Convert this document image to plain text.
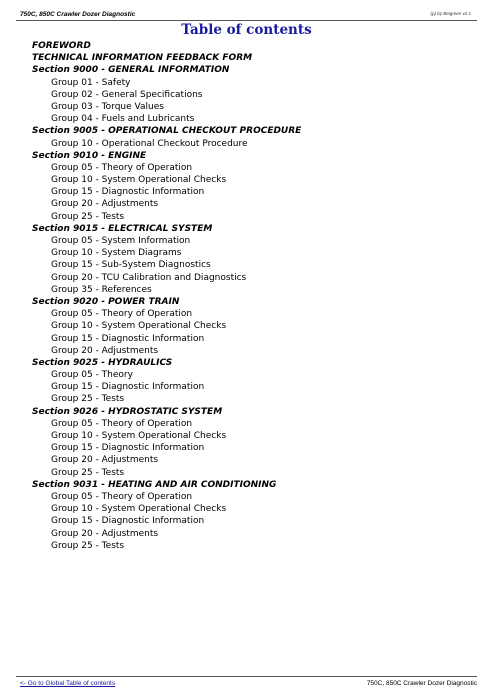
750C, 850C Crawler Dozer Diagnostic	(p) by Beigreen v2.1
Table of contents
FOREWORD
TECHNICAL INFORMATION FEEDBACK FORM
Section 9000 - GENERAL INFORMATION
Group 01 - Safety
Group 02 - General Specifications
Group 03 - Torque Values
Group 04 - Fuels and Lubricants
Section 9005 - OPERATIONAL CHECKOUT PROCEDURE
Group 10 - Operational Checkout Procedure
Section 9010 - ENGINE
Group 05 - Theory of Operation
Group 10 - System Operational Checks
Group 15 - Diagnostic Information
Group 20 - Adjustments
Group 25 - Tests
Section 9015 - ELECTRICAL SYSTEM
Group 05 - System Information
Group 10 - System Diagrams
Group 15 - Sub-System Diagnostics
Group 20 - TCU Calibration and Diagnostics
Group 35 - References
Section 9020 - POWER TRAIN
Group 05 - Theory of Operation
Group 10 - System Operational Checks
Group 15 - Diagnostic Information
Group 20 - Adjustments
Section 9025 - HYDRAULICS
Group 05 - Theory
Group 15 - Diagnostic Information
Group 25 - Tests
Section 9026 - HYDROSTATIC SYSTEM
Group 05 - Theory of Operation
Group 10 - System Operational Checks
Group 15 - Diagnostic Information
Group 20 - Adjustments
Group 25 - Tests
Section 9031 - HEATING AND AIR CONDITIONING
Group 05 - Theory of Operation
Group 10 - System Operational Checks
Group 15 - Diagnostic Information
Group 20 - Adjustments
Group 25 - Tests
<- Go to Global Table of contents	750C, 850C Crawler Dozer Diagnostic
